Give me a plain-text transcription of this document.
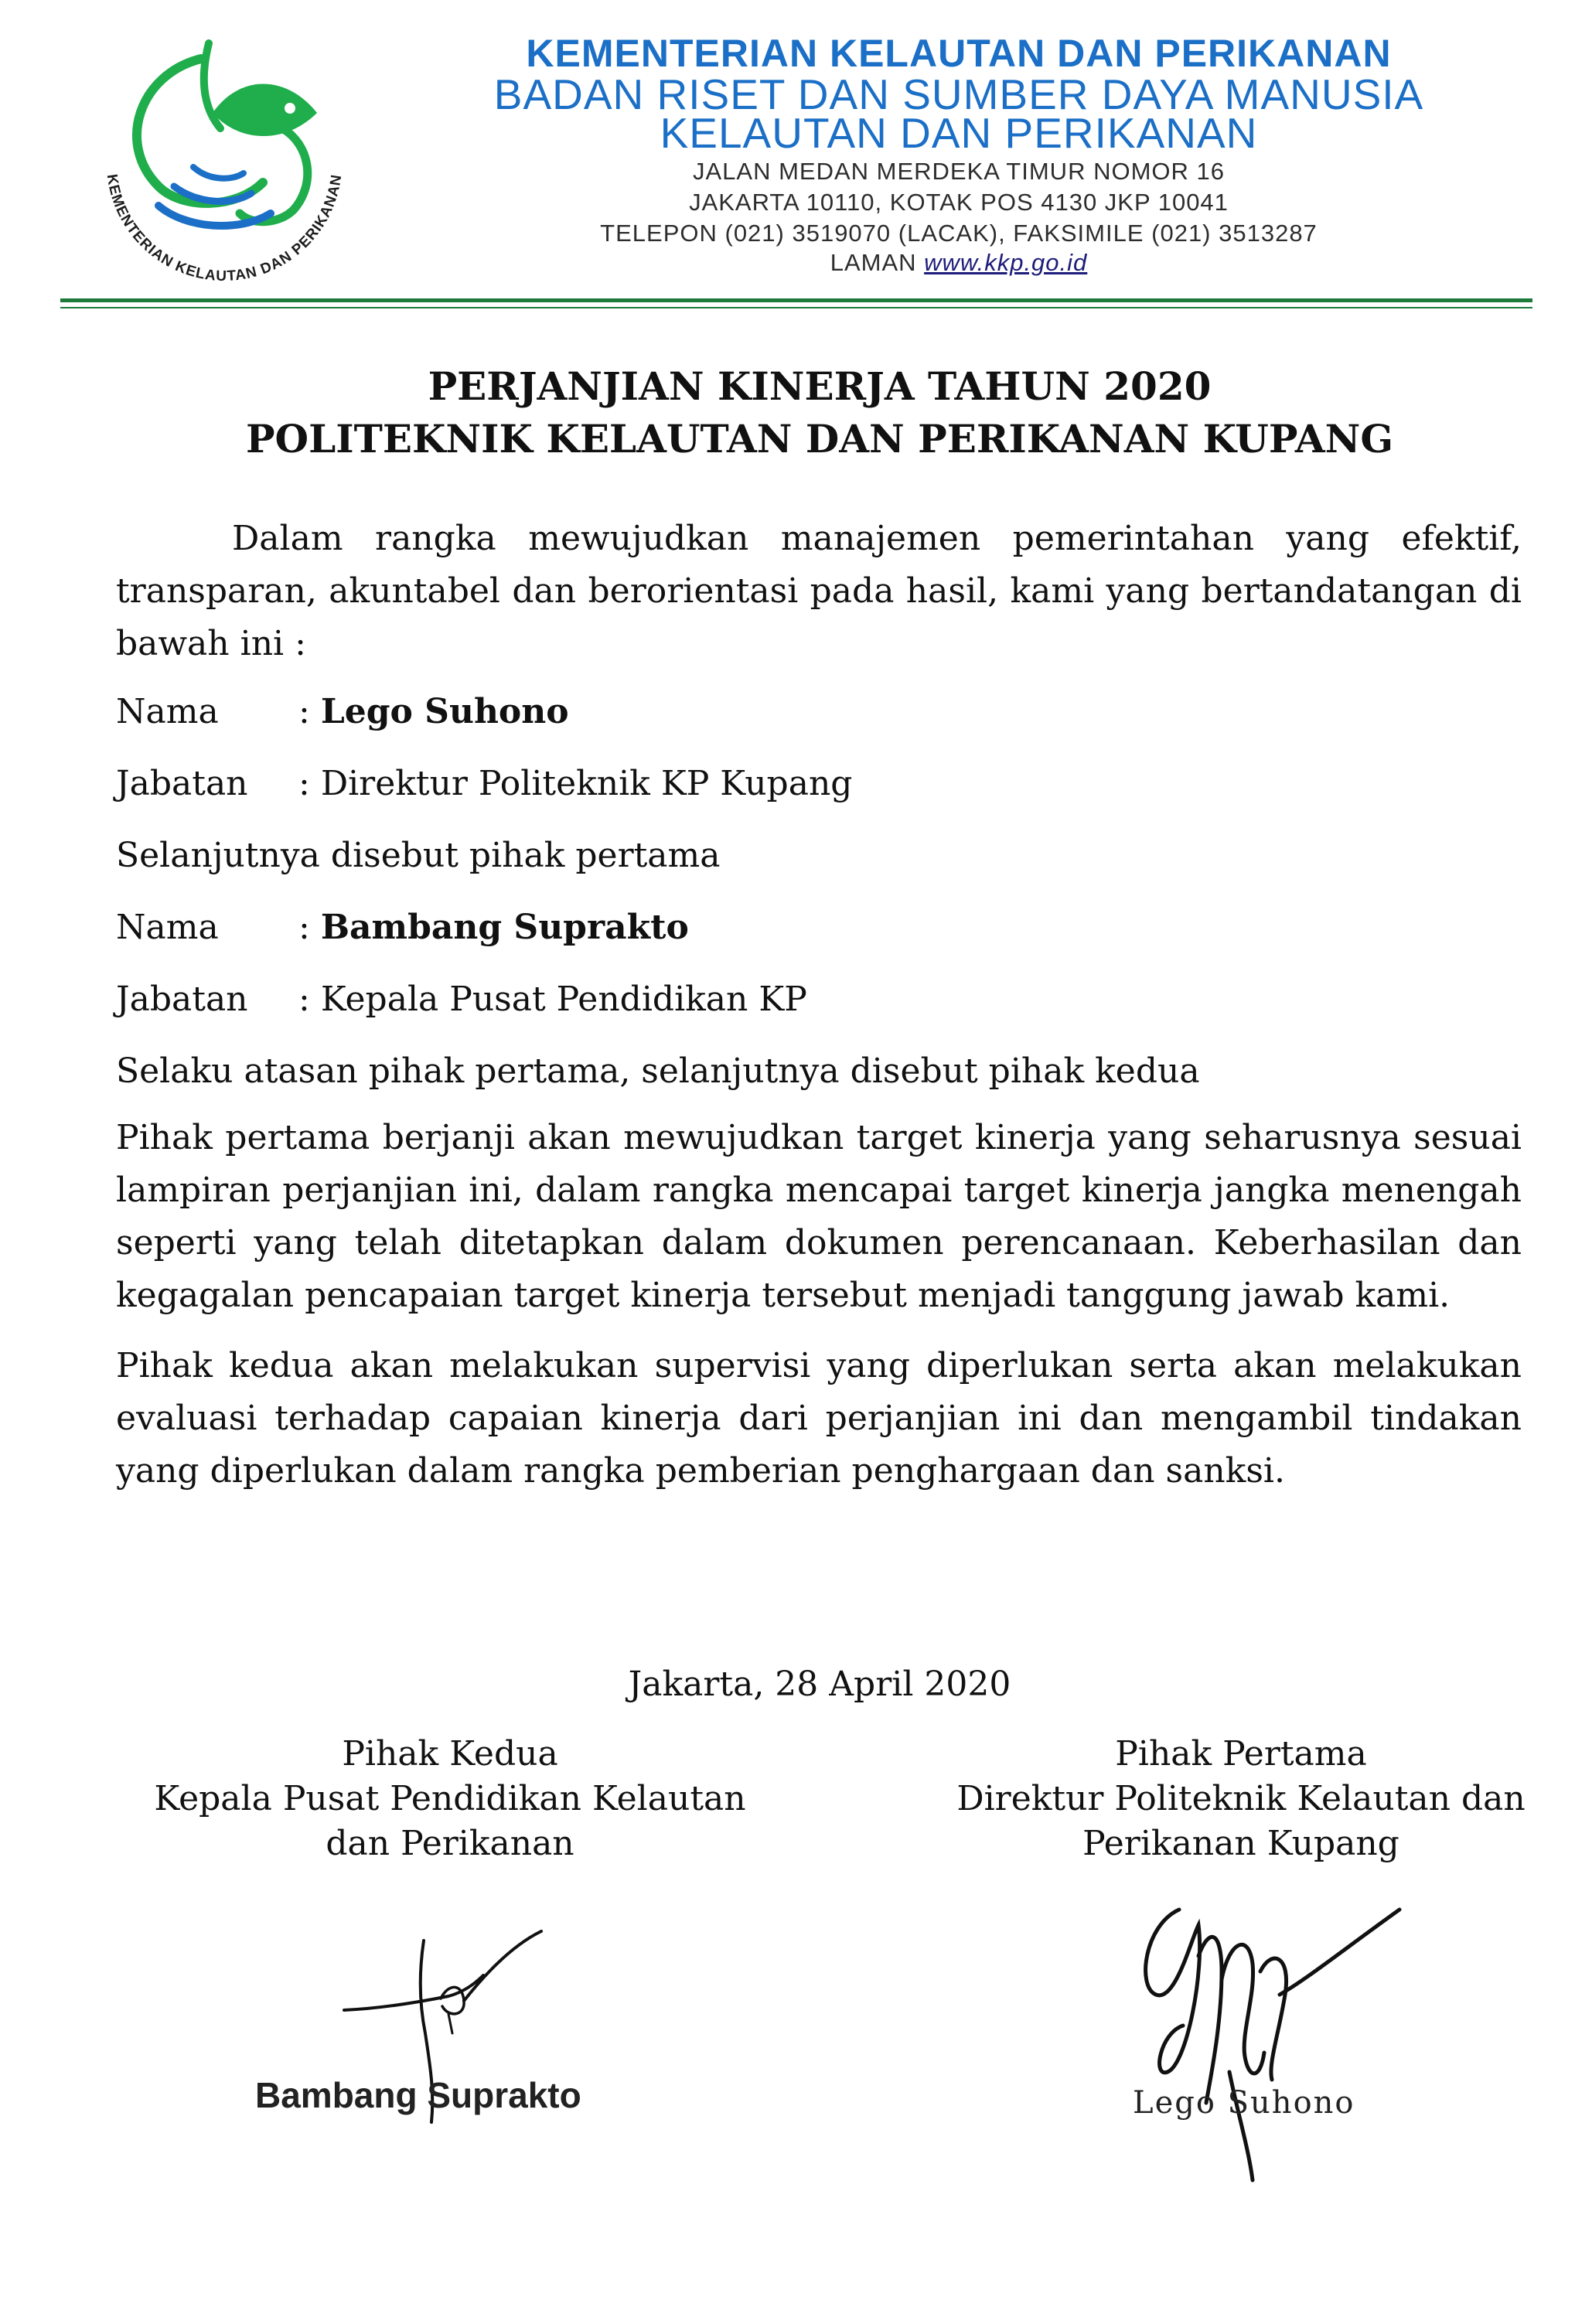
KEMENTERIAN KELAUTAN DAN PERIKANAN
KEMENTERIAN KELAUTAN DAN PERIKANAN
BADAN RISET DAN SUMBER DAYA MANUSIA
KELAUTAN DAN PERIKANAN
JALAN MEDAN MERDEKA TIMUR NOMOR 16
JAKARTA 10110, KOTAK POS 4130 JKP 10041
TELEPON (021) 3519070 (LACAK), FAKSIMILE (021) 3513287
LAMAN www.kkp.go.id
PERJANJIAN KINERJA TAHUN 2020
POLITEKNIK KELAUTAN DAN PERIKANAN KUPANG
Dalam rangka mewujudkan manajemen pemerintahan yang efektif, transparan, akuntabel dan berorientasi pada hasil, kami yang bertandatangan di bawah ini :
Nama : Lego Suhono
Jabatan : Direktur Politeknik KP Kupang
Selanjutnya disebut pihak pertama
Nama : Bambang Suprakto
Jabatan : Kepala Pusat Pendidikan KP
Selaku atasan pihak pertama, selanjutnya disebut pihak kedua
Pihak pertama berjanji akan mewujudkan target kinerja yang seharusnya sesuai lampiran perjanjian ini, dalam rangka mencapai target kinerja jangka menengah seperti yang telah ditetapkan dalam dokumen perencanaan. Keberhasilan dan kegagalan pencapaian target kinerja tersebut menjadi tanggung jawab kami.
Pihak kedua akan melakukan supervisi yang diperlukan serta akan melakukan evaluasi terhadap capaian kinerja dari perjanjian ini dan mengambil tindakan yang diperlukan dalam rangka pemberian penghargaan dan sanksi.
Jakarta, 28 April 2020
Pihak Kedua
Kepala Pusat Pendidikan Kelautan
dan Perikanan
Pihak Pertama
Direktur Politeknik Kelautan dan
Perikanan Kupang
Bambang Suprakto	Lego Suhono
